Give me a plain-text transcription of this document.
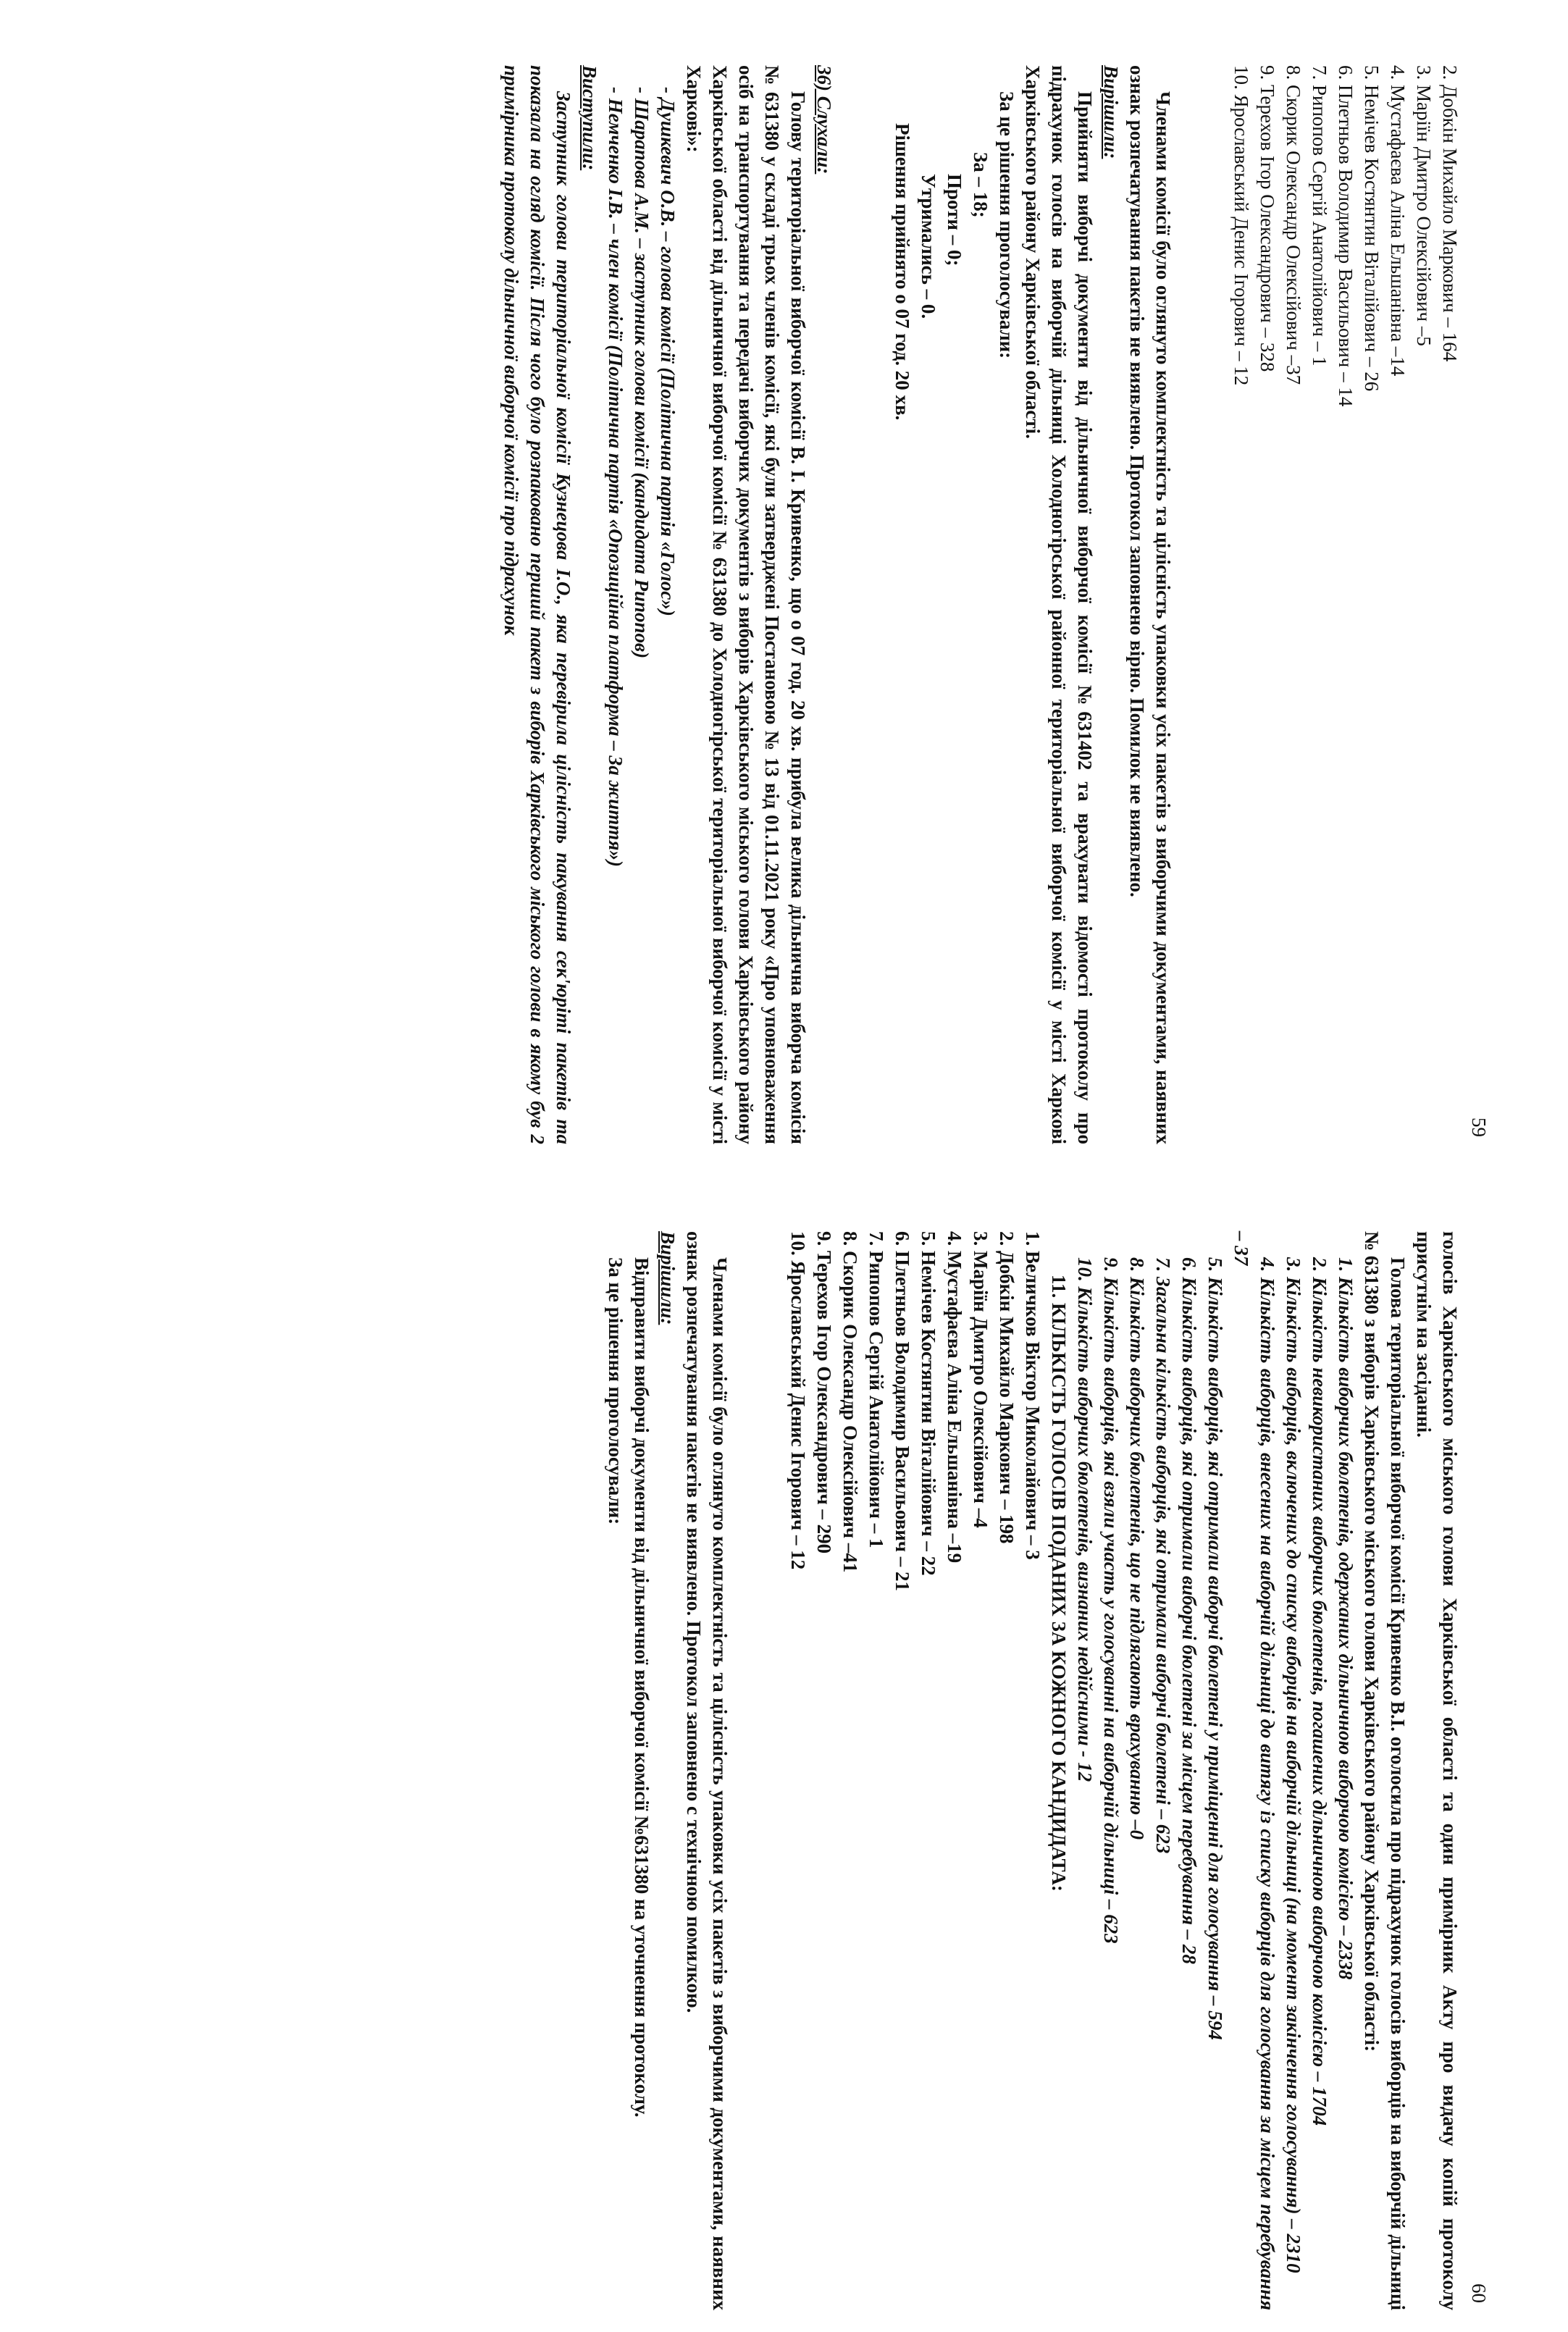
59
2. Добкін Михайло Маркович – 164
3. Маріїн Дмитро Олексійович –5
4. Мустафаєва Аліна Ельшанівна –14
5. Немічев Костянтин Віталійович – 26
6. Плетньов Володимир Васильович – 14
7. Рипопов Сергій Анатолійович – 1
8. Скорик Олександр Олексійович –37
9. Терехов Ігор Олександрович – 328
10. Ярославський Денис Ігорович – 12

Членами комісії було оглянуто комплектність та цілісність упаковки усіх пакетів з виборчими документами, наявних ознак розпечатування пакетів не виявлено. Протокол заповнено вірно. Помилок не виявлено.

Вирішили:

Прийняти виборчі документи від дільничної виборчої комісії №631402 та врахувати відомості протоколу про підрахунок голосів на виборчій дільниці Холодногірської районної територіальної виборчої комісії у місті Харкові Харківського району Харківської області.

За це рішення проголосували:

За – 18;

Проти – 0;

Утримались – 0.

Рішення прийнято о 07 год. 20 хв.

36) Слухали:

Голову територіальної виборчої комісії В. І. Кривенко, що о 07 год. 20 хв. прибула велика дільнична виборча комісія № 631380 у складі трьох членів комісії, які були затверджені Постановою № 13 від 01.11.2021 року «Про уповноваження осіб на транспортування та передачі виборчих документів з виборів Харківського міського голови Харківського району Харківської області від дільничної виборчої комісії № 631380 до Холодногірської територіальної виборчої комісії у місті Харкові»:

- Душкевич О.В. – голова комісії (Політична партія «Голос»)

- Шарапова А.М. – заступник голови комісії (кандидата Рипопов)

- Немченко І.В. – член комісії (Політична партія «Опозиційна платформа – За життя»)

Виступили:

Заступник голови територіальної комісії Кузнецова І.О., яка перевірила цілісність пакування сек'юріті пакетів та показала на огляд комісії. Після чого було розпаковано перший пакет з виборів Харківського міського голови в якому був 2 примірника протоколу дільничної виборчої комісії про підрахунок

60

голосів Харківського міського голови Харківської області та один примірник Акту про видачу копій протоколу присутнім на засіданні.

Голова територіальної виборчої комісії Кривенко В.І. оголосила про підрахунок голосів виборців на виборчій дільниці № 631380 з виборів Харківського міського голови Харківського району Харківської області:

1. Кількість виборчих бюлетенів, одержаних дільничною виборчою комісією – 2338

2. Кількість невикористаних виборчих бюлетенів, погашених дільничною виборчою комісією – 1704

3. Кількість виборців, включених до списку виборців на виборчій дільниці (на момент закінчення голосування) – 2310

4. Кількість виборців, внесених на виборчій дільниці до витягу із списку виборців для голосування за місцем перебування – 37

5. Кількість виборців, які отримали виборчі бюлетені у приміщенні для голосування – 594

6. Кількість виборців, які отримали виборчі бюлетені за місцем перебування – 28

7. Загальна кількість виборців, які отримали виборчі бюлетені – 623

8. Кількість виборчих бюлетенів, що не підлягають врахуванню –0

9. Кількість виборців, які взяли участь у голосуванні на виборчій дільниці – 623

10. Кількість виборчих бюлетенів, визнаних недійсними - 12

11. КІЛЬКІСТЬ ГОЛОСІВ ПОДАНИХ ЗА КОЖНОГО КАНДИДАТА:

1. Величков Віктор Миколайович – 3
2. Добкін Михайло Маркович – 198
3. Маріїн Дмитро Олексійович –4
4. Мустафаєва Аліна Ельшанівна –19
5. Немічев Костянтин Віталійович – 22
6. Плетньов Володимир Васильович – 21
7. Рипопов Сергій Анатолійович – 1
8. Скорик Олександр Олексійович –41
9. Терехов Ігор Олександрович – 290
10. Ярославський Денис Ігорович – 12

Членами комісії було оглянуто комплектність та цілісність упаковки усіх пакетів з виборчими документами, наявних ознак розпечатування пакетів не виявлено. Протокол заповнено с технічною помилкою.

Вирішили:

Відправити виборчі документи від дільничної виборчої комісії №631380 на уточнення протоколу.

За це рішення проголосували:
